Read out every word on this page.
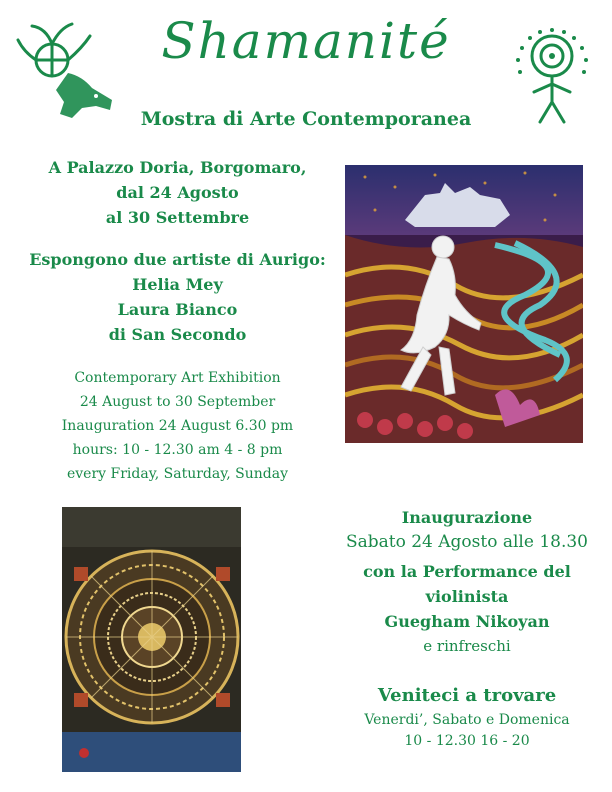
Shamanité
Mostra di Arte Contemporanea
A Palazzo Doria, Borgomaro,
dal 24 Agosto
al 30 Settembre
Espongono due artiste di Aurigo:
Helia Mey
Laura Bianco
di San Secondo
Contemporary Art Exhibition
24 August to 30 September
Inauguration 24 August 6.30 pm
hours: 10 - 12.30 am 4 - 8 pm
every Friday, Saturday, Sunday
Inaugurazione
Sabato 24 Agosto alle 18.30
con la Performance del
violinista
Guegham Nikoyan
e rinfreschi
Veniteci a trovare
Venerdi’, Sabato e Domenica
10 - 12.30 16 - 20
